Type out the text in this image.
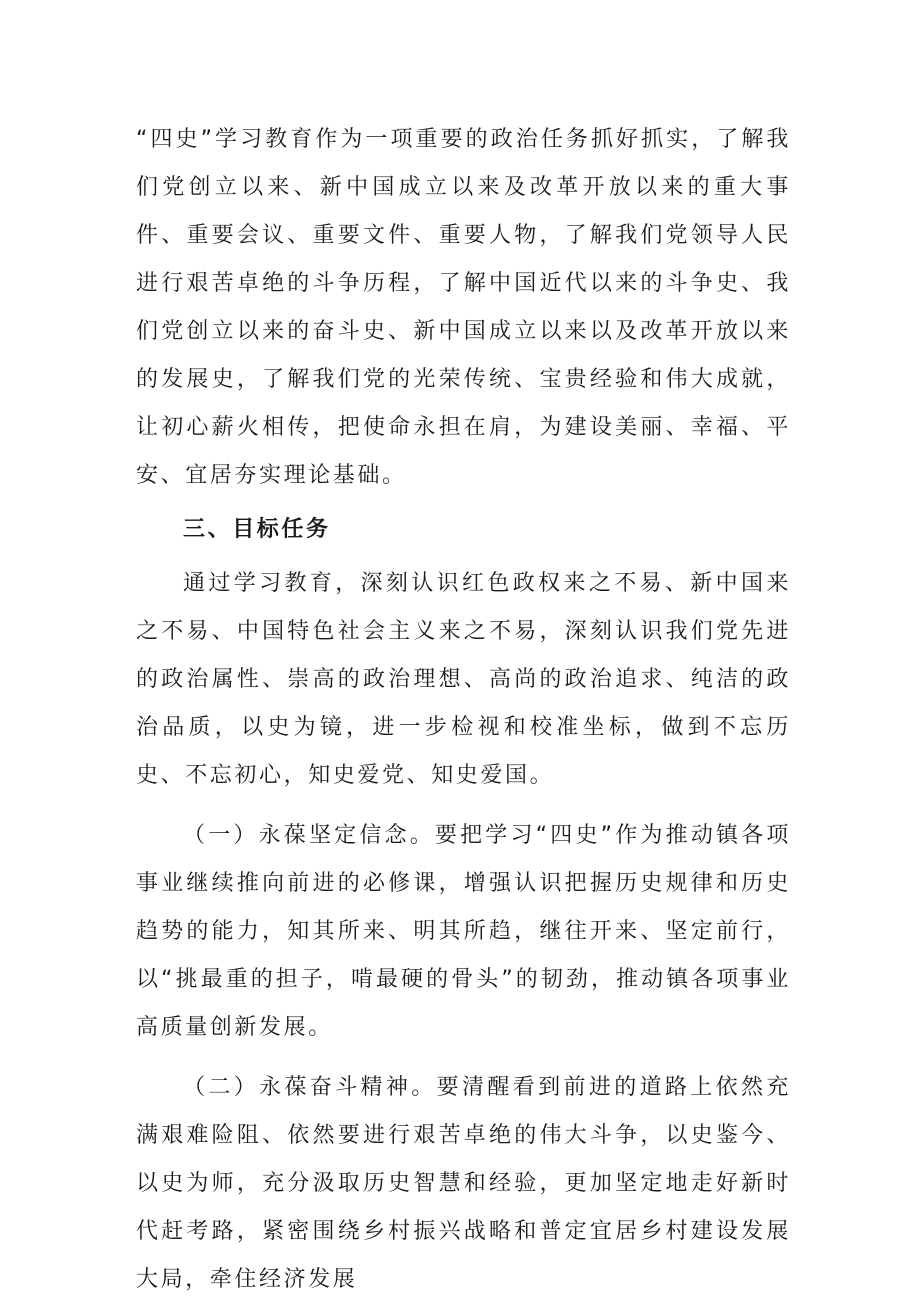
“四史”学习教育作为一项重要的政治任务抓好抓实，了解我们党创立以来、新中国成立以来及改革开放以来的重大事件、重要会议、重要文件、重要人物，了解我们党领导人民进行艰苦卓绝的斗争历程，了解中国近代以来的斗争史、我们党创立以来的奋斗史、新中国成立以来以及改革开放以来的发展史，了解我们党的光荣传统、宝贵经验和伟大成就，让初心薪火相传，把使命永担在肩，为建设美丽、幸福、平安、宜居夯实理论基础。

三、目标任务

通过学习教育，深刻认识红色政权来之不易、新中国来之不易、中国特色社会主义来之不易，深刻认识我们党先进的政治属性、崇高的政治理想、高尚的政治追求、纯洁的政治品质，以史为镜，进一步检视和校准坐标，做到不忘历史、不忘初心，知史爱党、知史爱国。

（一）永葆坚定信念。要把学习“四史”作为推动镇各项事业继续推向前进的必修课，增强认识把握历史规律和历史趋势的能力，知其所来、明其所趋，继往开来、坚定前行，以“挑最重的担子，啃最硬的骨头”的韧劲，推动镇各项事业高质量创新发展。

（二）永葆奋斗精神。要清醒看到前进的道路上依然充满艰难险阻、依然要进行艰苦卓绝的伟大斗争，以史鉴今、以史为师，充分汲取历史智慧和经验，更加坚定地走好新时代赶考路，紧密围绕乡村振兴战略和普定宜居乡村建设发展大局，牵住经济发展
